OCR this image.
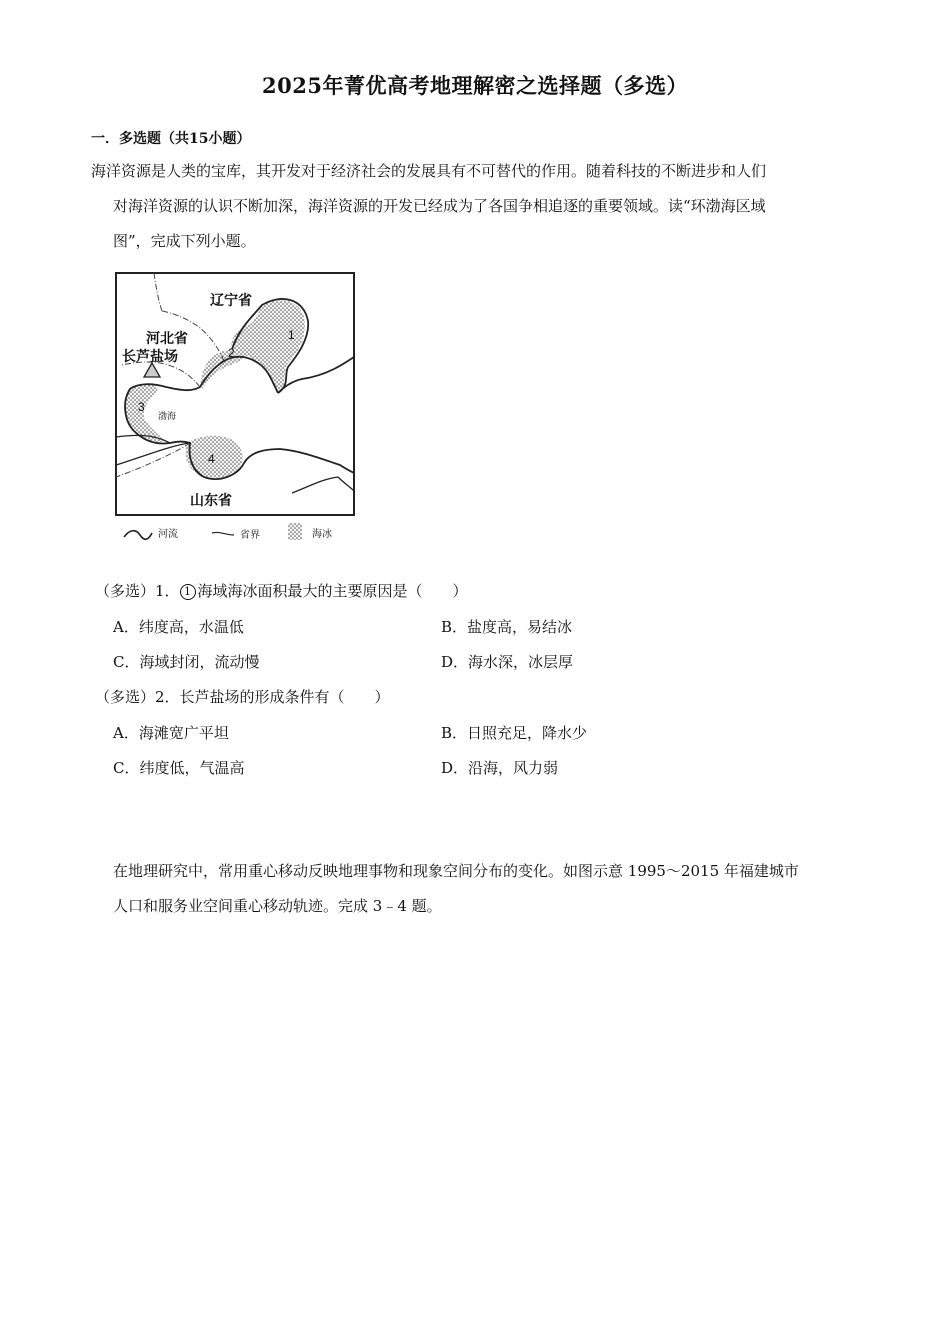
2025年菁优高考地理解密之选择题（多选）
一．多选题（共15小题）
海洋资源是人类的宝库，其开发对于经济社会的发展具有不可替代的作用。随着科技的不断进步和人们
对海洋资源的认识不断加深，海洋资源的开发已经成为了各国争相追逐的重要领域。读“环渤海区域
图”，完成下列小题。
辽宁省
河北省
长芦盐场
渤海
山东省
1
2
3
4
河流	省界	海冰
（多选）1． 1 海域海冰面积最大的主要原因是（　　）
A．纬度高，水温低	B．盐度高，易结冰
C．海域封闭，流动慢	D．海水深，冰层厚
（多选）2．长芦盐场的形成条件有（　　）
A．海滩宽广平坦	B．日照充足，降水少
C．纬度低，气温高	D．沿海，风力弱
在地理研究中，常用重心移动反映地理事物和现象空间分布的变化。如图示意 1995～2015 年福建城市
人口和服务业空间重心移动轨迹。完成 3﹣4 题。
